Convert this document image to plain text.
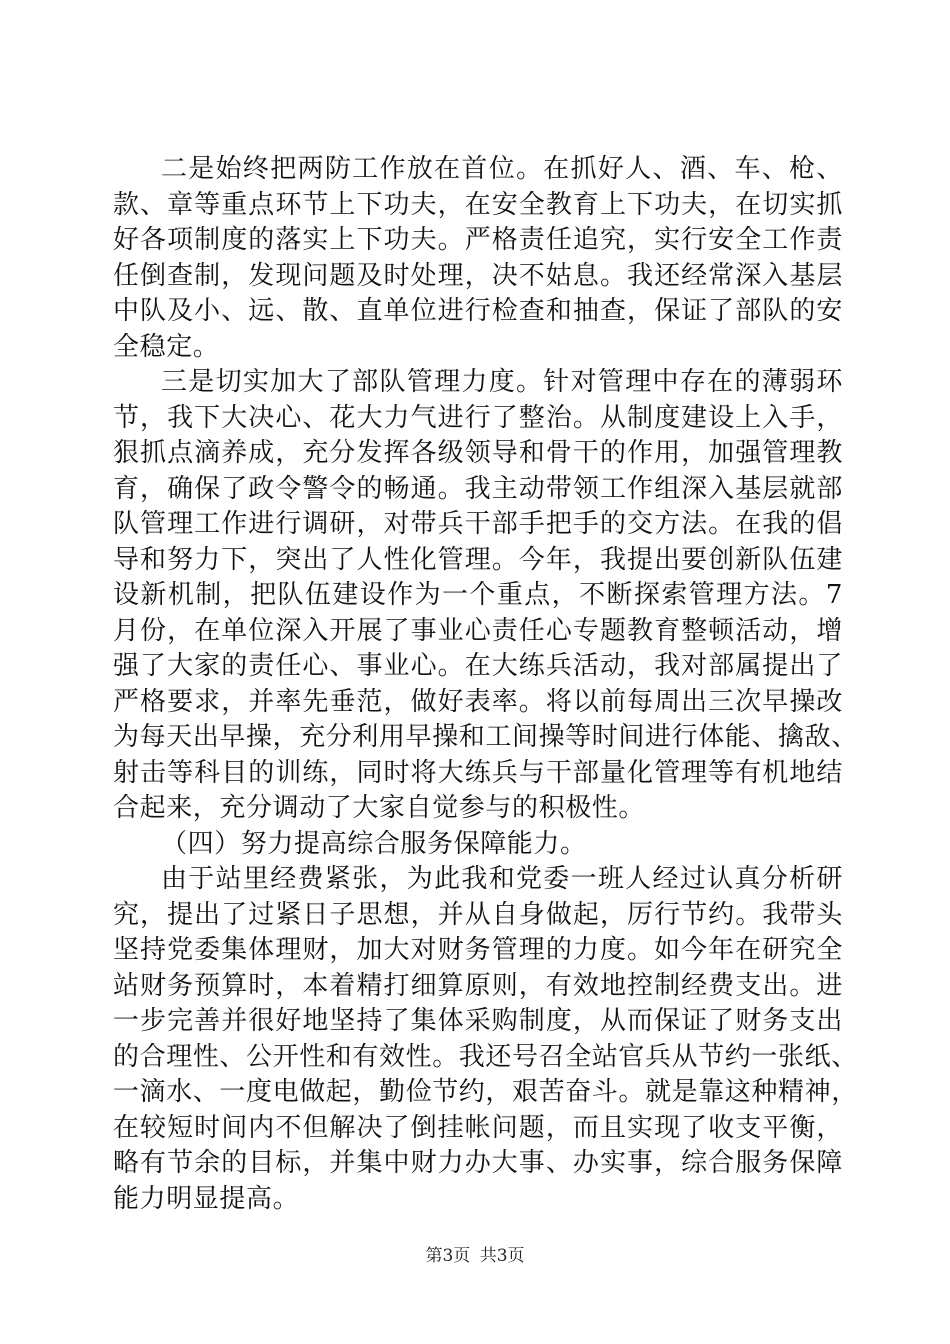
二是始终把两防工作放在首位。在抓好人、酒、车、枪、
款、章等重点环节上下功夫，在安全教育上下功夫，在切实抓
好各项制度的落实上下功夫。严格责任追究，实行安全工作责
任倒查制，发现问题及时处理，决不姑息。我还经常深入基层
中队及小、远、散、直单位进行检查和抽查，保证了部队的安
全稳定。
三是切实加大了部队管理力度。针对管理中存在的薄弱环
节，我下大决心、花大力气进行了整治。从制度建设上入手，
狠抓点滴养成，充分发挥各级领导和骨干的作用，加强管理教
育，确保了政令警令的畅通。我主动带领工作组深入基层就部
队管理工作进行调研，对带兵干部手把手的交方法。在我的倡
导和努力下，突出了人性化管理。今年，我提出要创新队伍建
设新机制，把队伍建设作为一个重点，不断探索管理方法。7
月份，在单位深入开展了事业心责任心专题教育整顿活动，增
强了大家的责任心、事业心。在大练兵活动，我对部属提出了
严格要求，并率先垂范，做好表率。将以前每周出三次早操改
为每天出早操，充分利用早操和工间操等时间进行体能、擒敌、
射击等科目的训练，同时将大练兵与干部量化管理等有机地结
合起来，充分调动了大家自觉参与的积极性。
（四）努力提高综合服务保障能力。
由于站里经费紧张，为此我和党委一班人经过认真分析研
究，提出了过紧日子思想，并从自身做起，厉行节约。我带头
坚持党委集体理财，加大对财务管理的力度。如今年在研究全
站财务预算时，本着精打细算原则，有效地控制经费支出。进
一步完善并很好地坚持了集体采购制度，从而保证了财务支出
的合理性、公开性和有效性。我还号召全站官兵从节约一张纸、
一滴水、一度电做起，勤俭节约，艰苦奋斗。就是靠这种精神，
在较短时间内不但解决了倒挂帐问题，而且实现了收支平衡，
略有节余的目标，并集中财力办大事、办实事，综合服务保障
能力明显提高。
第3页 共3页
